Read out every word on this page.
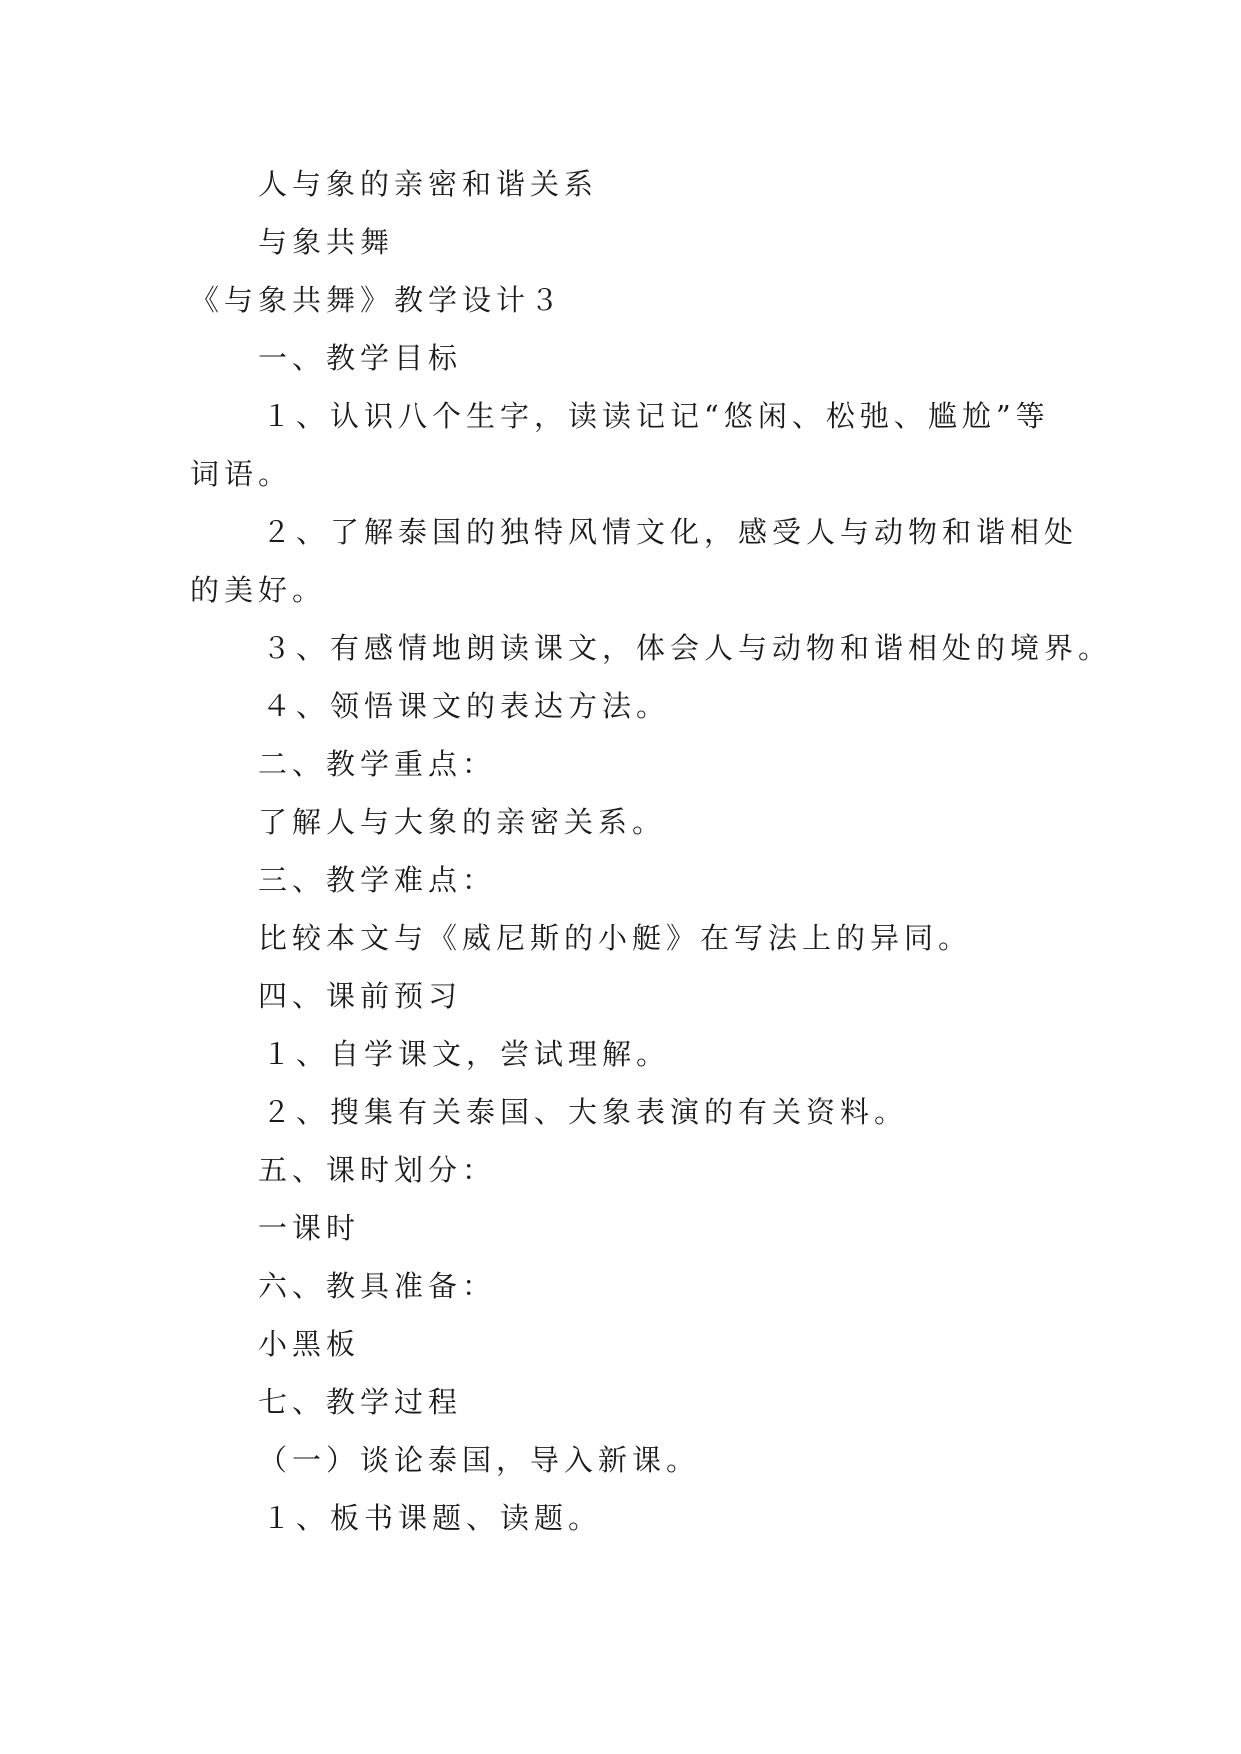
人与象的亲密和谐关系
与象共舞
《与象共舞》教学设计３
一、教学目标
１、认识八个生字，读读记记“悠闲、松弛、尴尬”等
词语。
２、了解泰国的独特风情文化，感受人与动物和谐相处
的美好。
３、有感情地朗读课文，体会人与动物和谐相处的境界。
４、领悟课文的表达方法。
二、教学重点：
了解人与大象的亲密关系。
三、教学难点：
比较本文与《威尼斯的小艇》在写法上的异同。
四、课前预习
１、自学课文，尝试理解。
２、搜集有关泰国、大象表演的有关资料。
五、课时划分：
一课时
六、教具准备：
小黑板
七、教学过程
（一）谈论泰国，导入新课。
１、板书课题、读题。
